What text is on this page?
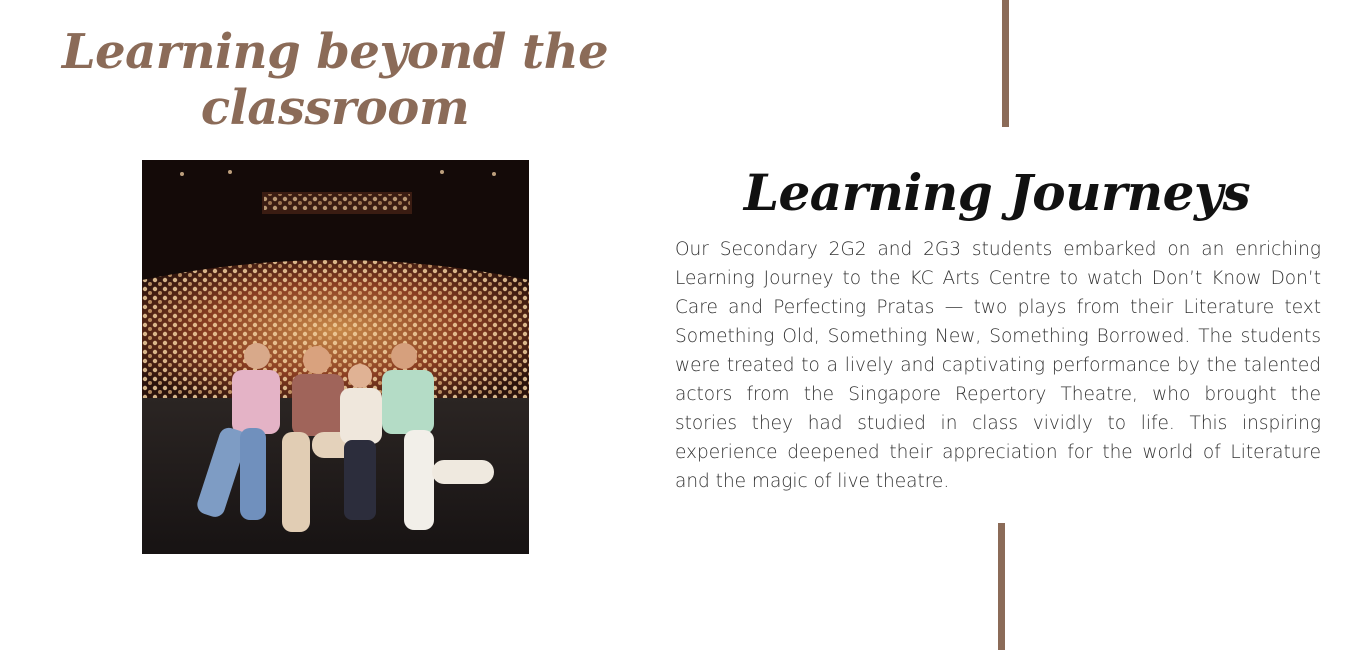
Learning beyond the classroom
Learning Journeys

Our Secondary 2G2 and 2G3 students embarked on an enriching Learning Journey to the KC Arts Centre to watch Don’t Know Don’t Care and Perfecting Pratas — two plays from their Literature text Something Old, Something New, Something Borrowed. The students were treated to a lively and captivating performance by the talented actors from the Singapore Repertory Theatre, who brought the stories they had studied in class vividly to life. This inspiring experience deepened their appreciation for the world of Literature and the magic of live theatre.
